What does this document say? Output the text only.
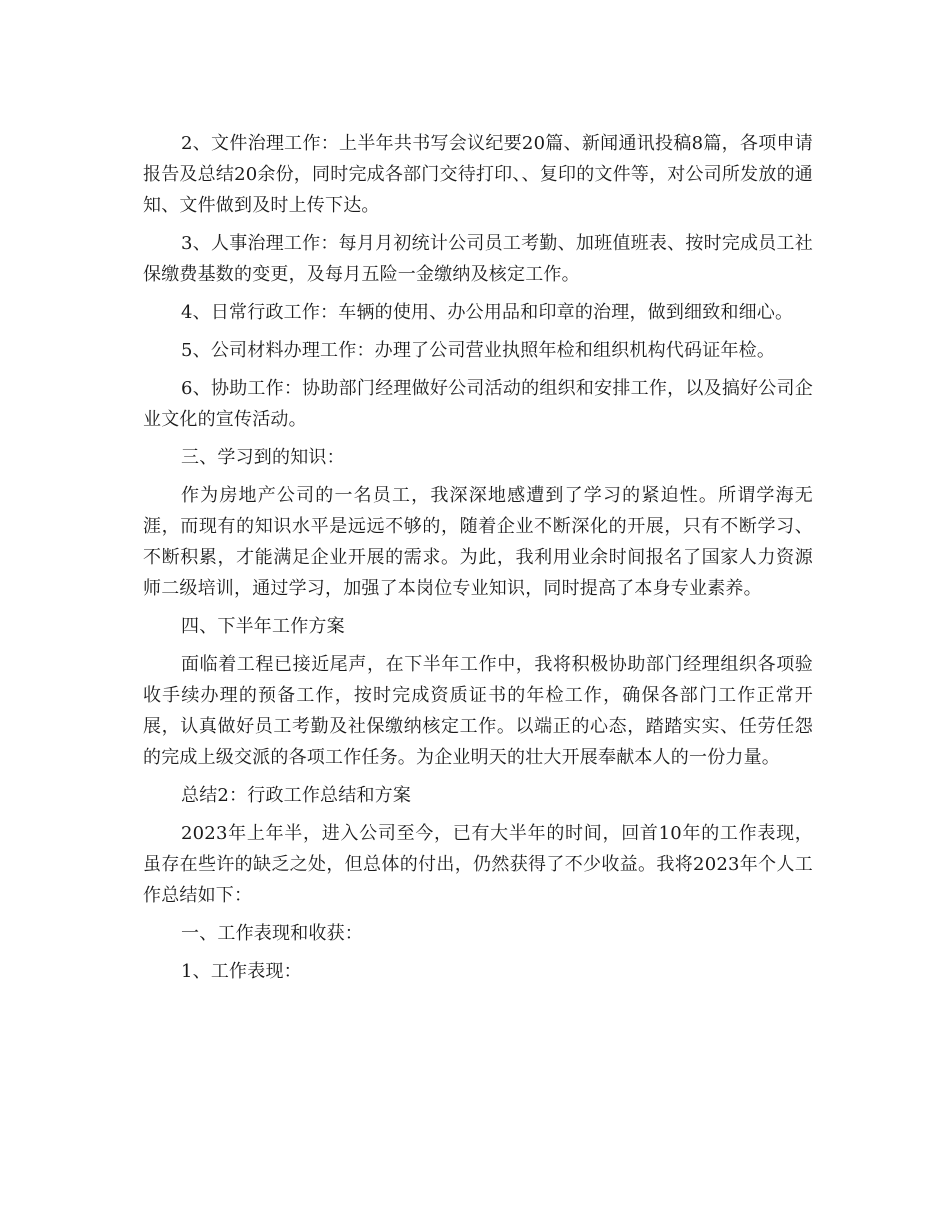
2、文件治理工作：上半年共书写会议纪要20篇、新闻通讯投稿8篇，各项申请报告及总结20余份，同时完成各部门交待打印、、复印的文件等，对公司所发放的通知、文件做到及时上传下达。

3、人事治理工作：每月月初统计公司员工考勤、加班值班表、按时完成员工社保缴费基数的变更，及每月五险一金缴纳及核定工作。

4、日常行政工作：车辆的使用、办公用品和印章的治理，做到细致和细心。

5、公司材料办理工作：办理了公司营业执照年检和组织机构代码证年检。

6、协助工作：协助部门经理做好公司活动的组织和安排工作，以及搞好公司企业文化的宣传活动。

三、学习到的知识：

作为房地产公司的一名员工，我深深地感遭到了学习的紧迫性。所谓学海无涯，而现有的知识水平是远远不够的，随着企业不断深化的开展，只有不断学习、不断积累，才能满足企业开展的需求。为此，我利用业余时间报名了国家人力资源师二级培训，通过学习，加强了本岗位专业知识，同时提高了本身专业素养。

四、下半年工作方案

面临着工程已接近尾声，在下半年工作中，我将积极协助部门经理组织各项验收手续办理的预备工作，按时完成资质证书的年检工作，确保各部门工作正常开展，认真做好员工考勤及社保缴纳核定工作。以端正的心态，踏踏实实、任劳任怨的完成上级交派的各项工作任务。为企业明天的壮大开展奉献本人的一份力量。

总结2：行政工作总结和方案

2023年上年半，进入公司至今，已有大半年的时间，回首10年的工作表现，虽存在些许的缺乏之处，但总体的付出，仍然获得了不少收益。我将2023年个人工作总结如下：

一、工作表现和收获：

1、工作表现：
